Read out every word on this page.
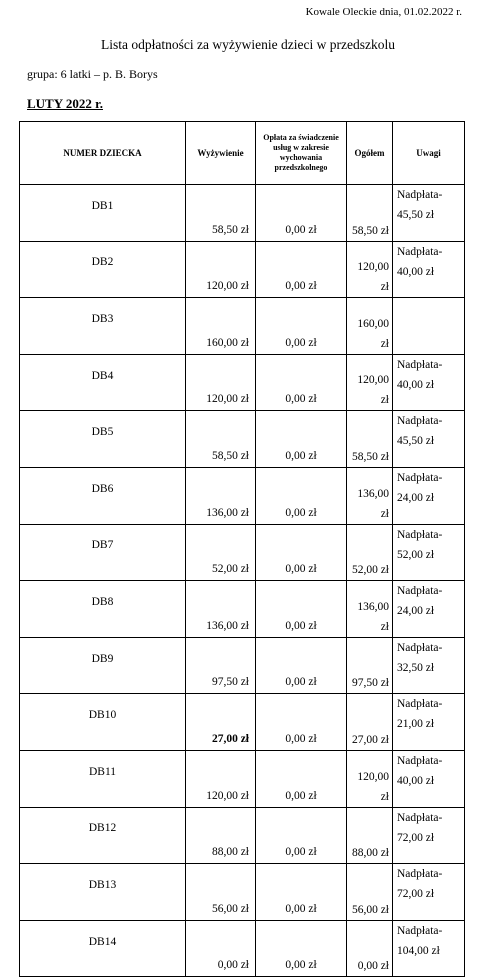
Kowale Oleckie dnia, 01.02.2022 r.
Lista odpłatności za wyżywienie dzieci w przedszkolu
grupa: 6 latki – p. B. Borys
LUTY 2022 r.
NUMER DZIECKA	Wyżywienie	Opłata za świadczenie usług w zakresie wychowania przedszkolnego	Ogółem	Uwagi
DB1	58,50 zł	0,00 zł	58,50 zł	Nadpłata-45,50 zł
DB2	120,00 zł	0,00 zł	120,00 zł	Nadpłata-40,00 zł
DB3	160,00 zł	0,00 zł	160,00 zł	
DB4	120,00 zł	0,00 zł	120,00 zł	Nadpłata-40,00 zł
DB5	58,50 zł	0,00 zł	58,50 zł	Nadpłata-45,50 zł
DB6	136,00 zł	0,00 zł	136,00 zł	Nadpłata-24,00 zł
DB7	52,00 zł	0,00 zł	52,00 zł	Nadpłata-52,00 zł
DB8	136,00 zł	0,00 zł	136,00 zł	Nadpłata-24,00 zł
DB9	97,50 zł	0,00 zł	97,50 zł	Nadpłata-32,50 zł
DB10	27,00 zł	0,00 zł	27,00 zł	Nadpłata-21,00 zł
DB11	120,00 zł	0,00 zł	120,00 zł	Nadpłata-40,00 zł
DB12	88,00 zł	0,00 zł	88,00 zł	Nadpłata-72,00 zł
DB13	56,00 zł	0,00 zł	56,00 zł	Nadpłata-72,00 zł
DB14	0,00 zł	0,00 zł	0,00 zł	Nadpłata-104,00 zł
